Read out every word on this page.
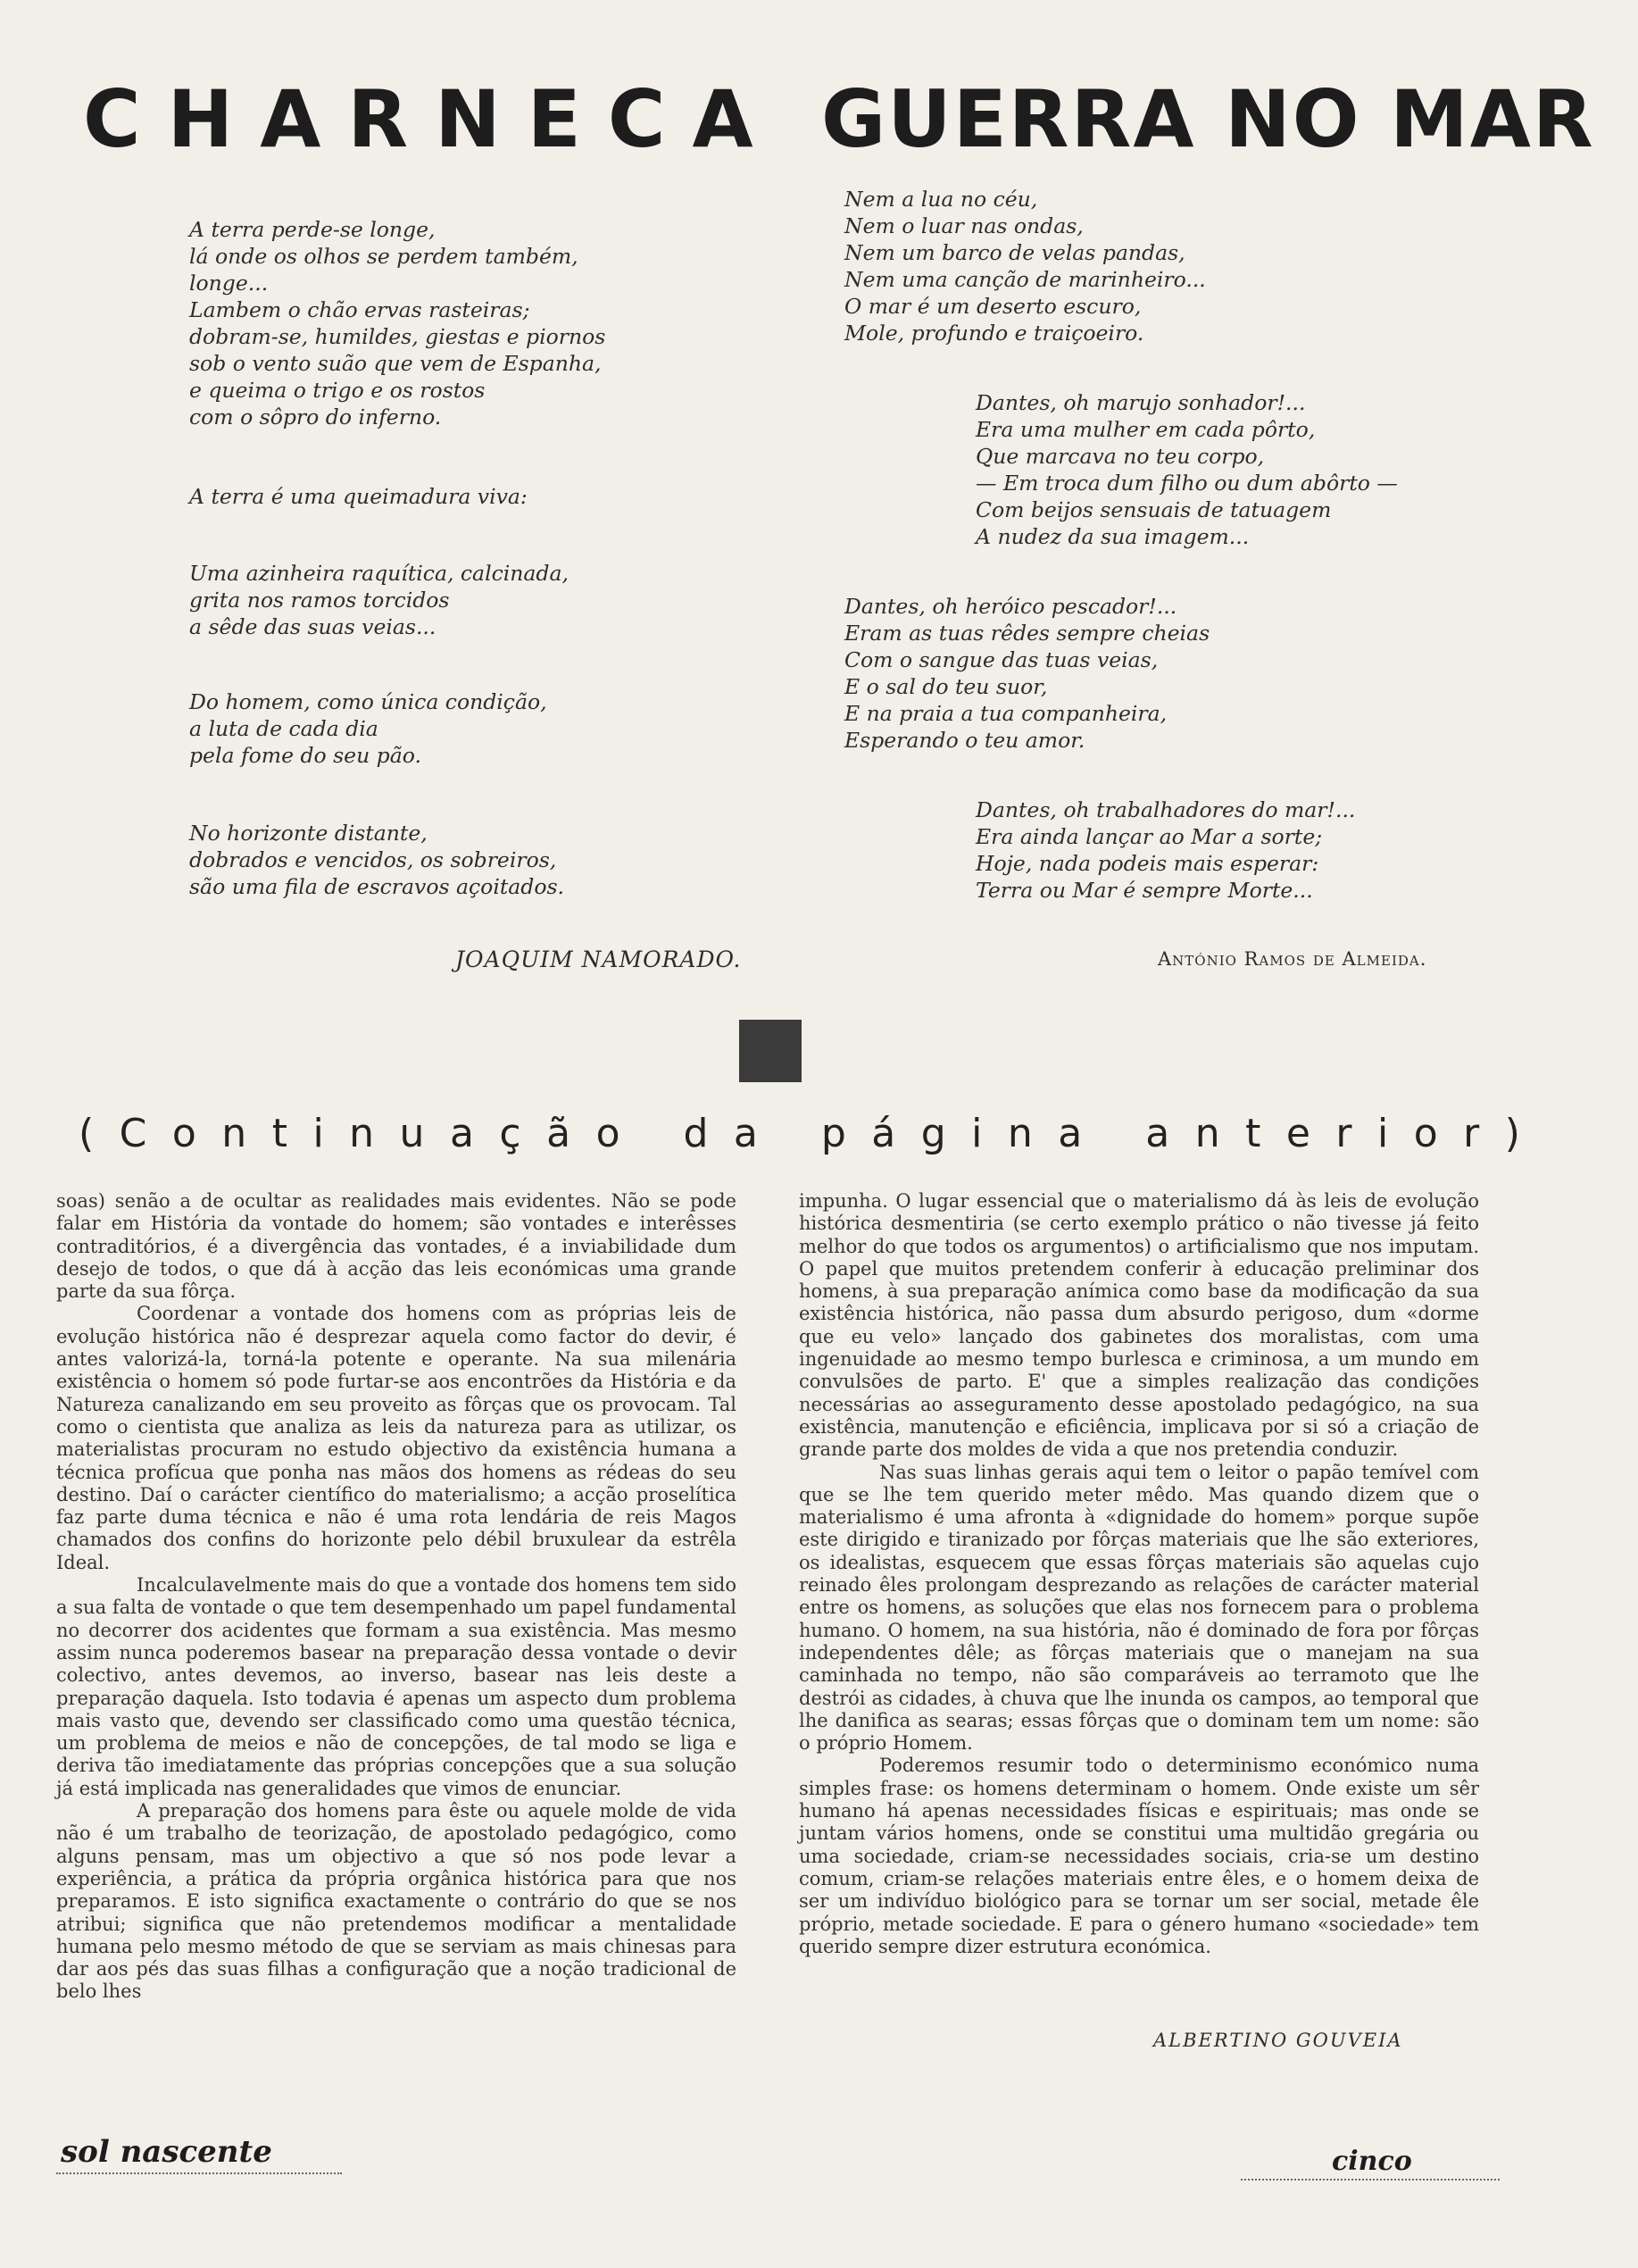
CHARNECA GUERRA NO MAR
A terra perde-se longe,
lá onde os olhos se perdem também,
longe...
Lambem o chão ervas rasteiras;
dobram-se, humildes, giestas e piornos
sob o vento suão que vem de Espanha,
e queima o trigo e os rostos
com o sôpro do inferno.
A terra é uma queimadura viva:
Uma azinheira raquítica, calcinada,
grita nos ramos torcidos
a sêde das suas veias...
Do homem, como única condição,
a luta de cada dia
pela fome do seu pão.
No horizonte distante,
dobrados e vencidos, os sobreiros,
são uma fila de escravos açoitados.
Nem a lua no céu,
Nem o luar nas ondas,
Nem um barco de velas pandas,
Nem uma canção de marinheiro...
O mar é um deserto escuro,
Mole, profundo e traiçoeiro.
Dantes, oh marujo sonhador!...
Era uma mulher em cada pôrto,
Que marcava no teu corpo,
— Em troca dum filho ou dum abôrto —
Com beijos sensuais de tatuagem
A nudez da sua imagem...
Dantes, oh heróico pescador!...
Eram as tuas rêdes sempre cheias
Com o sangue das tuas veias,
E o sal do teu suor,
E na praia a tua companheira,
Esperando o teu amor.
Dantes, oh trabalhadores do mar!...
Era ainda lançar ao Mar a sorte;
Hoje, nada podeis mais esperar:
Terra ou Mar é sempre Morte...
JOAQUIM NAMORADO.	António Ramos de Almeida.
(Continuação da página anterior)

soas) senão a de ocultar as realidades mais evidentes. Não se pode falar em História da vontade do homem; são vontades e interêsses contraditórios, é a divergência das vontades, é a inviabilidade dum desejo de todos, o que dá à acção das leis económicas uma grande parte da sua fôrça.

Coordenar a vontade dos homens com as próprias leis de evolução histórica não é desprezar aquela como factor do devir, é antes valorizá-la, torná-la potente e operante. Na sua milenária existência o homem só pode furtar-se aos encontrões da História e da Natureza canalizando em seu proveito as fôrças que os provocam. Tal como o cientista que analiza as leis da natureza para as utilizar, os materialistas procuram no estudo objectivo da existência humana a técnica profícua que ponha nas mãos dos homens as rédeas do seu destino. Daí o carácter científico do materialismo; a acção proselítica faz parte duma técnica e não é uma rota lendária de reis Magos chamados dos confins do horizonte pelo débil bruxulear da estrêla Ideal.

Incalculavelmente mais do que a vontade dos homens tem sido a sua falta de vontade o que tem desempenhado um papel fundamental no decorrer dos acidentes que formam a sua existência. Mas mesmo assim nunca poderemos basear na preparação dessa vontade o devir colectivo, antes devemos, ao inverso, basear nas leis deste a preparação daquela. Isto todavia é apenas um aspecto dum problema mais vasto que, devendo ser classificado como uma questão técnica, um problema de meios e não de concepções, de tal modo se liga e deriva tão imediatamente das próprias concepções que a sua solução já está implicada nas generalidades que vimos de enunciar.

A preparação dos homens para êste ou aquele molde de vida não é um trabalho de teorização, de apostolado pedagógico, como alguns pensam, mas um objectivo a que só nos pode levar a experiência, a prática da própria orgânica histórica para que nos preparamos. E isto significa exactamente o contrário do que se nos atribui; significa que não pretendemos modificar a mentalidade humana pelo mesmo método de que se serviam as mais chinesas para dar aos pés das suas filhas a configuração que a noção tradicional de belo lhes

impunha. O lugar essencial que o materialismo dá às leis de evolução histórica desmentiria (se certo exemplo prático o não tivesse já feito melhor do que todos os argumentos) o artificialismo que nos imputam. O papel que muitos pretendem conferir à educação preliminar dos homens, à sua preparação anímica como base da modificação da sua existência histórica, não passa dum absurdo perigoso, dum «dorme que eu velo» lançado dos gabinetes dos moralistas, com uma ingenuidade ao mesmo tempo burlesca e criminosa, a um mundo em convulsões de parto. E' que a simples realização das condições necessárias ao asseguramento desse apostolado pedagógico, na sua existência, manutenção e eficiência, implicava por si só a criação de grande parte dos moldes de vida a que nos pretendia conduzir.

Nas suas linhas gerais aqui tem o leitor o papão temível com que se lhe tem querido meter mêdo. Mas quando dizem que o materialismo é uma afronta à «dignidade do homem» porque supõe este dirigido e tiranizado por fôrças materiais que lhe são exteriores, os idealistas, esquecem que essas fôrças materiais são aquelas cujo reinado êles prolongam desprezando as relações de carácter material entre os homens, as soluções que elas nos fornecem para o problema humano. O homem, na sua história, não é dominado de fora por fôrças independentes dêle; as fôrças materiais que o manejam na sua caminhada no tempo, não são comparáveis ao terramoto que lhe destrói as cidades, à chuva que lhe inunda os campos, ao temporal que lhe danifica as searas; essas fôrças que o dominam tem um nome: são o próprio Homem.

Poderemos resumir todo o determinismo económico numa simples frase: os homens determinam o homem. Onde existe um sêr humano há apenas necessidades físicas e espirituais; mas onde se juntam vários homens, onde se constitui uma multidão gregária ou uma sociedade, criam-se necessidades sociais, cria-se um destino comum, criam-se relações materiais entre êles, e o homem deixa de ser um indivíduo biológico para se tornar um ser social, metade êle próprio, metade sociedade. E para o género humano «sociedade» tem querido sempre dizer estrutura económica.

ALBERTINO GOUVEIA
sol nascente	cinco
